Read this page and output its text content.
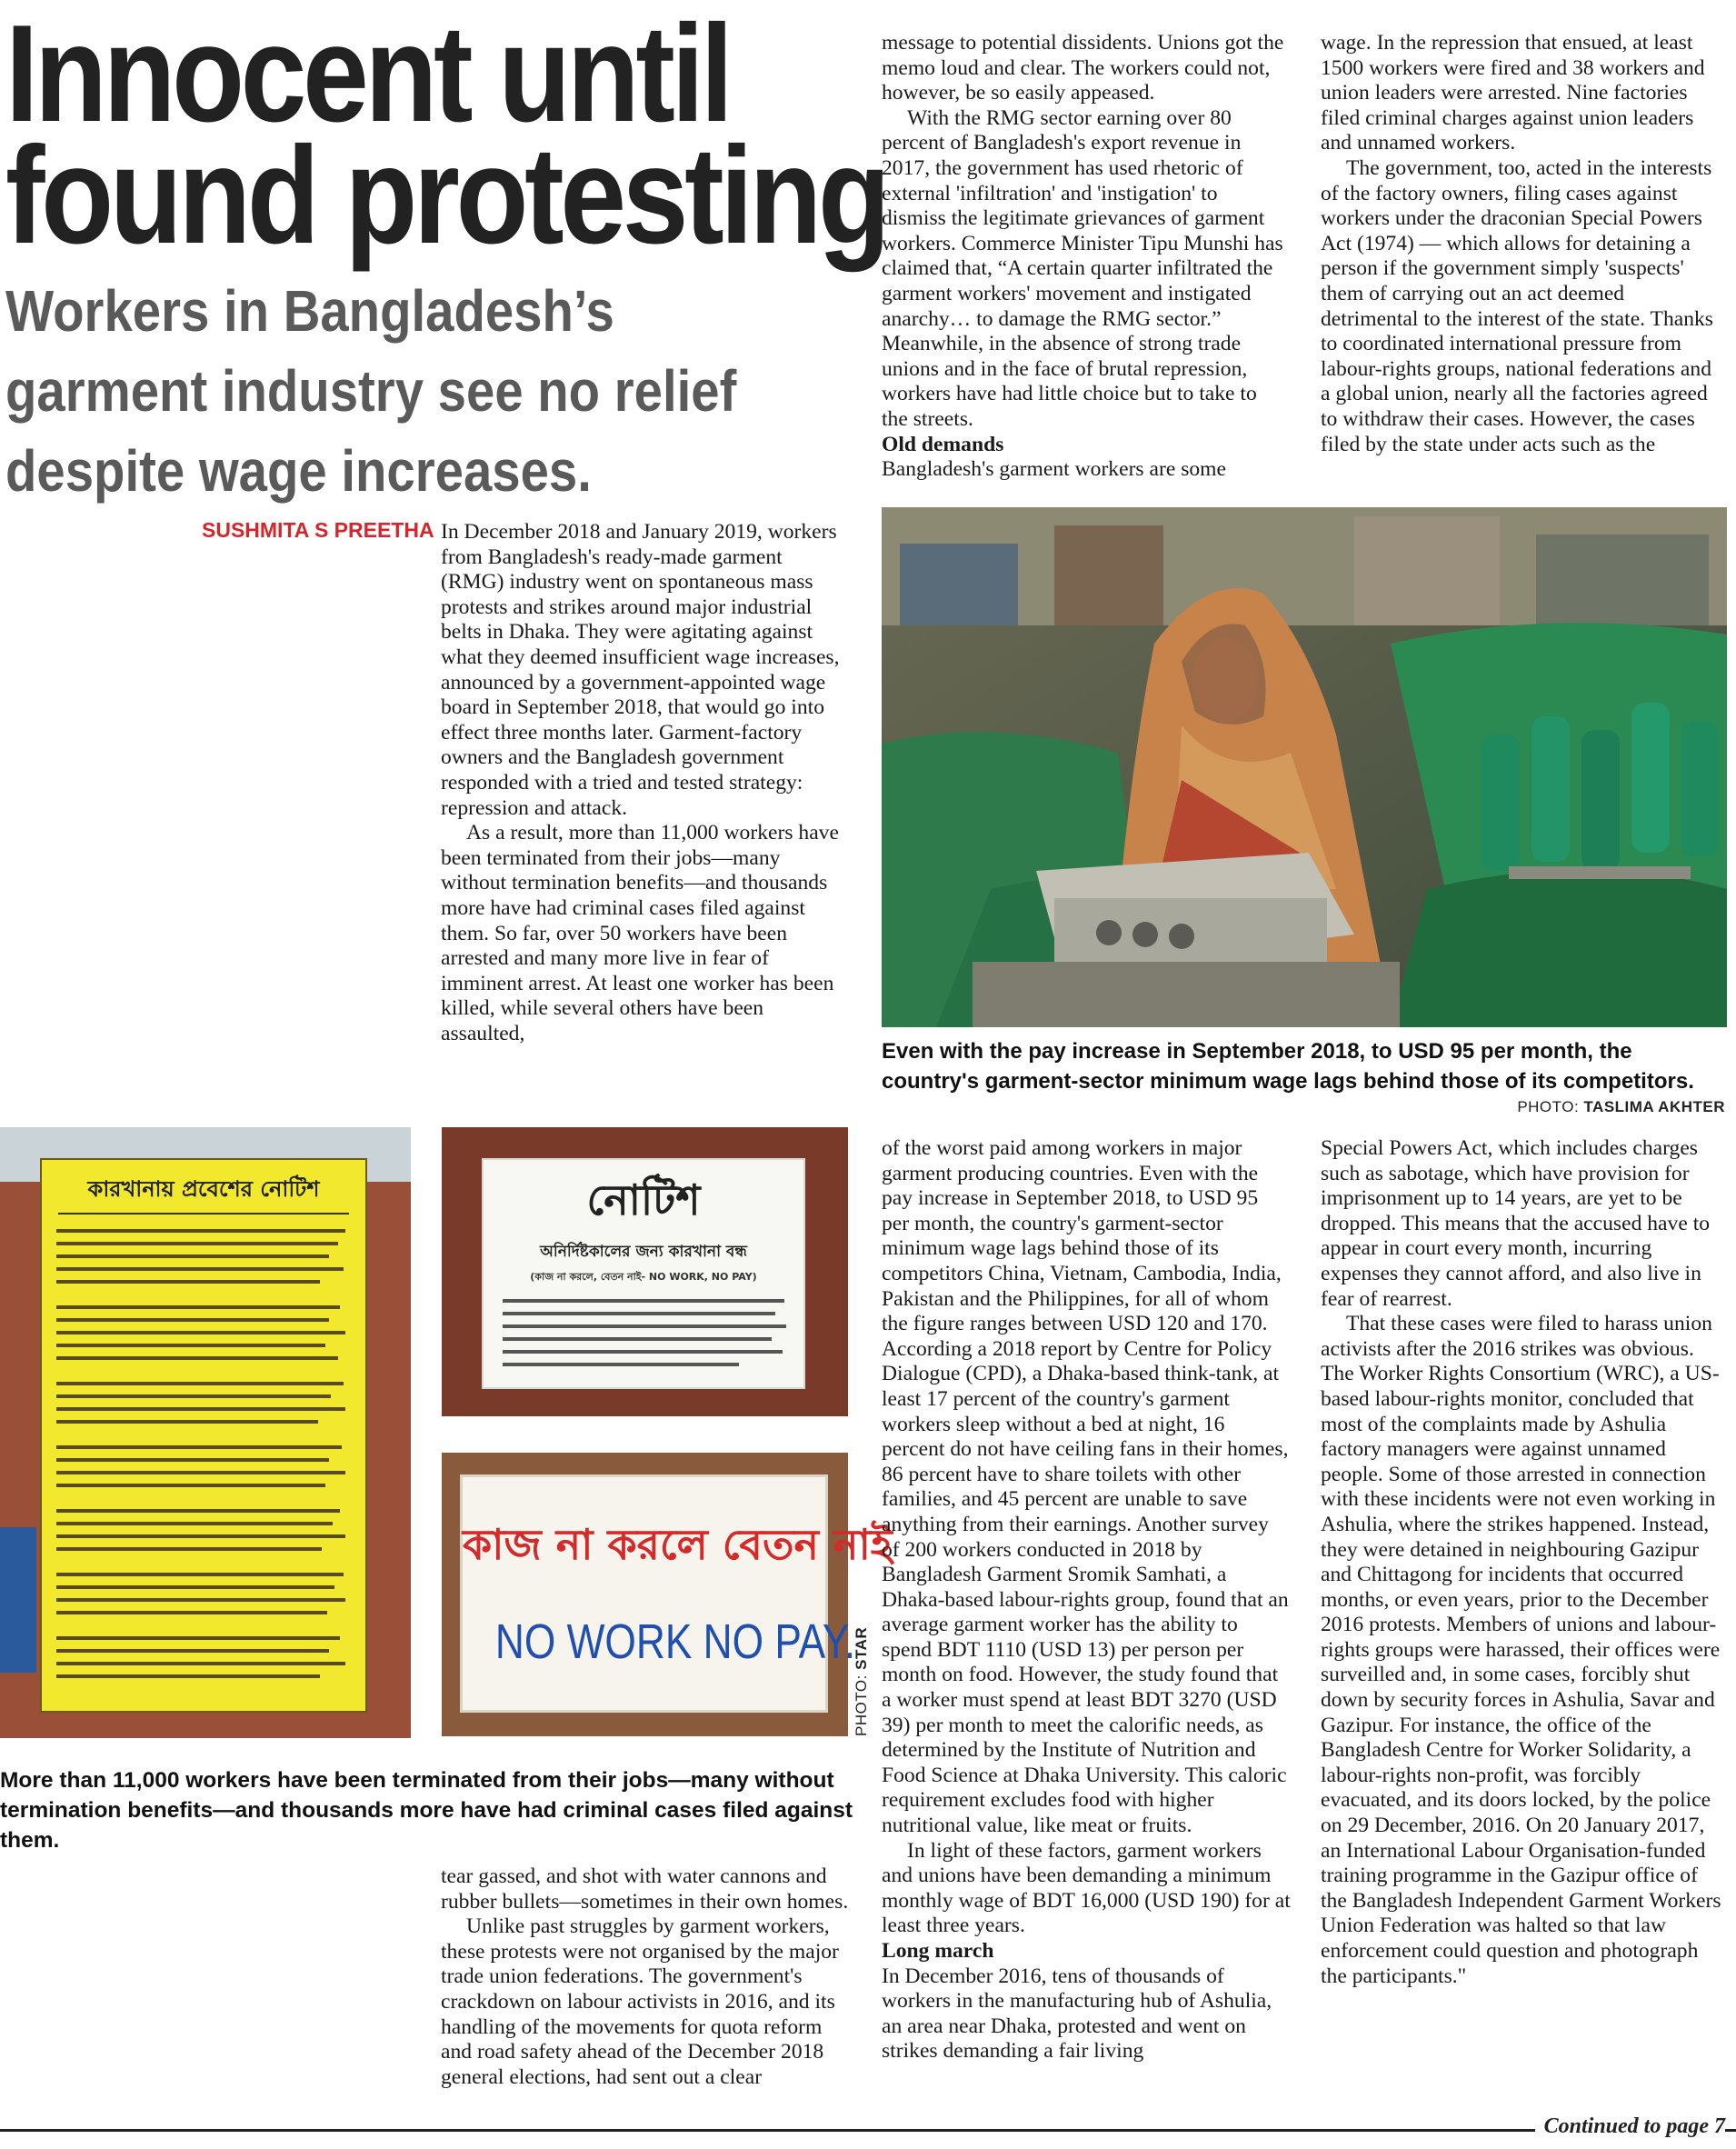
Innocent until
found protesting
Workers in Bangladesh’s
garment industry see no relief
despite wage increases.
SUSHMITA S PREETHA

message to potential dissidents. Unions got the memo loud and clear. The workers could not, however, be so easily appeased.

With the RMG sector earning over 80 percent of Bangladesh's export revenue in 2017, the government has used rhetoric of external 'infiltration' and 'instigation' to dismiss the legitimate grievances of garment workers. Commerce Minister Tipu Munshi has claimed that, “A certain quarter infiltrated the garment workers' movement and instigated anarchy… to damage the RMG sector.” Meanwhile, in the absence of strong trade unions and in the face of brutal repression, workers have had little choice but to take to the streets.

Old demands

Bangladesh's garment workers are some

wage. In the repression that ensued, at least 1500 workers were fired and 38 workers and union leaders were arrested. Nine factories filed criminal charges against union leaders and unnamed workers.

The government, too, acted in the interests of the factory owners, filing cases against workers under the draconian Special Powers Act (1974) — which allows for detaining a person if the government simply 'suspects' them of carrying out an act deemed detrimental to the interest of the state. Thanks to coordinated international pressure from labour-rights groups, national federations and a global union, nearly all the factories agreed to withdraw their cases. However, the cases filed by the state under acts such as the

In December 2018 and January 2019, workers from Bangladesh's ready-made garment (RMG) industry went on spontaneous mass protests and strikes around major industrial belts in Dhaka. They were agitating against what they deemed insufficient wage increases, announced by a government-appointed wage board in September 2018, that would go into effect three months later. Garment-factory owners and the Bangladesh government responded with a tried and tested strategy: repression and attack.

As a result, more than 11,000 workers have been terminated from their jobs—many without termination benefits—and thousands more have had criminal cases filed against them. So far, over 50 workers have been arrested and many more live in fear of imminent arrest. At least one worker has been killed, while several others have been assaulted,

Even with the pay increase in September 2018, to USD 95 per month, the country's garment-sector minimum wage lags behind those of its competitors.
PHOTO: TASLIMA AKHTER
কারখানায় প্রবেশের নোটিশ	নোটিশ
অনির্দিষ্টকালের জন্য কারখানা বন্ধ
(কাজ না করলে, বেতন নাই- NO WORK, NO PAY)
কাজ না করলে বেতন নাই
NO WORK NO PAY.
PHOTO: STAR
More than 11,000 workers have been terminated from their jobs—many without termination benefits—and thousands more have had criminal cases filed against them.

tear gassed, and shot with water cannons and rubber bullets—sometimes in their own homes.

Unlike past struggles by garment workers, these protests were not organised by the major trade union federations. The government's crackdown on labour activists in 2016, and its handling of the movements for quota reform and road safety ahead of the December 2018 general elections, had sent out a clear

of the worst paid among workers in major garment producing countries. Even with the pay increase in September 2018, to USD 95 per month, the country's garment-sector minimum wage lags behind those of its competitors China, Vietnam, Cambodia, India, Pakistan and the Philippines, for all of whom the figure ranges between USD 120 and 170. According a 2018 report by Centre for Policy Dialogue (CPD), a Dhaka-based think-tank, at least 17 percent of the country's garment workers sleep without a bed at night, 16 percent do not have ceiling fans in their homes, 86 percent have to share toilets with other families, and 45 percent are unable to save anything from their earnings. Another survey of 200 workers conducted in 2018 by Bangladesh Garment Sromik Samhati, a Dhaka-based labour-rights group, found that an average garment worker has the ability to spend BDT 1110 (USD 13) per person per month on food. However, the study found that a worker must spend at least BDT 3270 (USD 39) per month to meet the calorific needs, as determined by the Institute of Nutrition and Food Science at Dhaka University. This caloric requirement excludes food with higher nutritional value, like meat or fruits.

In light of these factors, garment workers and unions have been demanding a minimum monthly wage of BDT 16,000 (USD 190) for at least three years.

Long march

In December 2016, tens of thousands of workers in the manufacturing hub of Ashulia, an area near Dhaka, protested and went on strikes demanding a fair living

Special Powers Act, which includes charges such as sabotage, which have provision for imprisonment up to 14 years, are yet to be dropped. This means that the accused have to appear in court every month, incurring expenses they cannot afford, and also live in fear of rearrest.

That these cases were filed to harass union activists after the 2016 strikes was obvious. The Worker Rights Consortium (WRC), a US-based labour-rights monitor, concluded that most of the complaints made by Ashulia factory managers were against unnamed people. Some of those arrested in connection with these incidents were not even working in Ashulia, where the strikes happened. Instead, they were detained in neighbouring Gazipur and Chittagong for incidents that occurred months, or even years, prior to the December 2016 protests. Members of unions and labour-rights groups were harassed, their offices were surveilled and, in some cases, forcibly shut down by security forces in Ashulia, Savar and Gazipur. For instance, the office of the Bangladesh Centre for Worker Solidarity, a labour-rights non-profit, was forcibly evacuated, and its doors locked, by the police on 29 December, 2016. On 20 January 2017, an International Labour Organisation-funded training programme in the Gazipur office of the Bangladesh Independent Garment Workers Union Federation was halted so that law enforcement could question and photograph the participants."

Continued to page 7
